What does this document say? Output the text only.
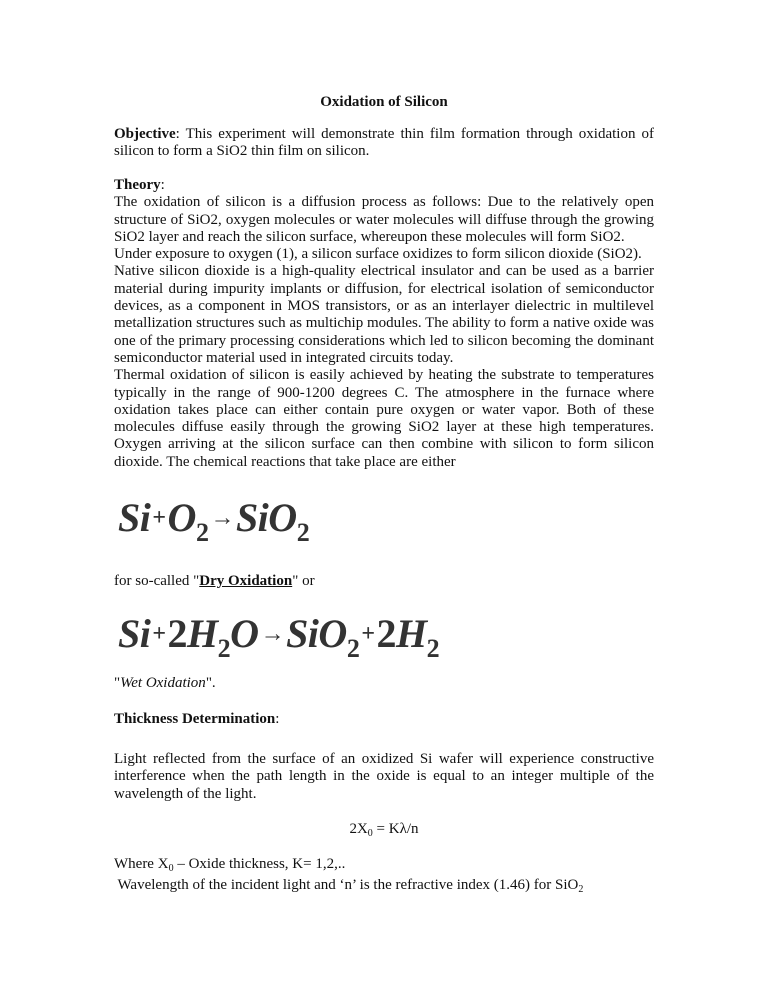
Oxidation of Silicon
Objective: This experiment will demonstrate thin film formation through oxidation of
silicon to form a SiO2 thin film on silicon.
Theory:
The oxidation of silicon is a diffusion process as follows: Due to the relatively open
structure of SiO2, oxygen molecules or water molecules will diffuse through the growing
SiO2 layer and reach the silicon surface, whereupon these molecules will form SiO2.
Under exposure to oxygen (1), a silicon surface oxidizes to form silicon dioxide (SiO2).
Native silicon dioxide is a high-quality electrical insulator and can be used as a barrier
material during impurity implants or diffusion, for electrical isolation of semiconductor
devices, as a component in MOS transistors, or as an interlayer dielectric in multilevel
metallization structures such as multichip modules. The ability to form a native oxide was
one of the primary processing considerations which led to silicon becoming the dominant
semiconductor material used in integrated circuits today.
Thermal oxidation of silicon is easily achieved by heating the substrate to temperatures
typically in the range of 900-1200 degrees C. The atmosphere in the furnace where
oxidation takes place can either contain pure oxygen or water vapor. Both of these
molecules diffuse easily through the growing SiO2 layer at these high temperatures.
Oxygen arriving at the silicon surface can then combine with silicon to form silicon
dioxide. The chemical reactions that take place are either
$Si+O_2\to SiO_2$
for so-called "Dry Oxidation" or
$Si+2H_2O\to SiO_2+2H_2$
"Wet Oxidation".
Thickness Determination:
Light reflected from the surface of an oxidized Si wafer will experience constructive
interference when the path length in the oxide is equal to an integer multiple of the
wavelength of the light.
$2X_0 = K\lambda/n$
Where $X_0$ – Oxide thickness, K= 1,2,..
Wavelength of the incident light and ‘n’ is the refractive index (1.46) for SiO$_2$
